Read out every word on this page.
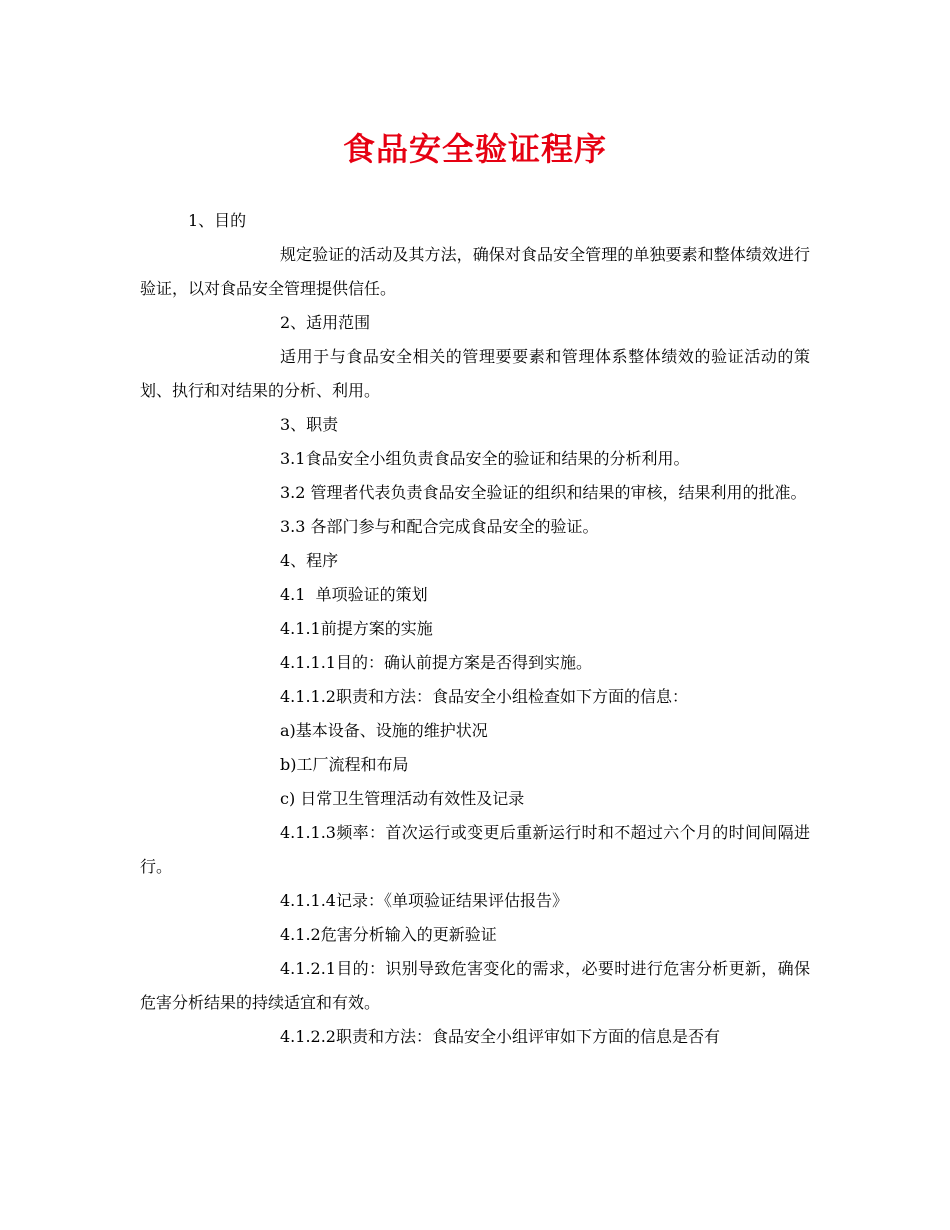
食品安全验证程序

1、目的

规定验证的活动及其方法，确保对食品安全管理的单独要素和整体绩效进行验证，以对食品安全管理提供信任。

2、适用范围

适用于与食品安全相关的管理要要素和管理体系整体绩效的验证活动的策划、执行和对结果的分析、利用。

3、职责

3.1食品安全小组负责食品安全的验证和结果的分析利用。

3.2 管理者代表负责食品安全验证的组织和结果的审核，结果利用的批准。

3.3 各部门参与和配合完成食品安全的验证。

4、程序

4.1  单项验证的策划

4.1.1前提方案的实施

4.1.1.1目的：确认前提方案是否得到实施。

4.1.1.2职责和方法：食品安全小组检查如下方面的信息：

a)基本设备、设施的维护状况

b)工厂流程和布局

c) 日常卫生管理活动有效性及记录

4.1.1.3频率：首次运行或变更后重新运行时和不超过六个月的时间间隔进行。

4.1.1.4记录：《单项验证结果评估报告》

4.1.2危害分析输入的更新验证

4.1.2.1目的：识别导致危害变化的需求，必要时进行危害分析更新，确保危害分析结果的持续适宜和有效。

4.1.2.2职责和方法：食品安全小组评审如下方面的信息是否有
